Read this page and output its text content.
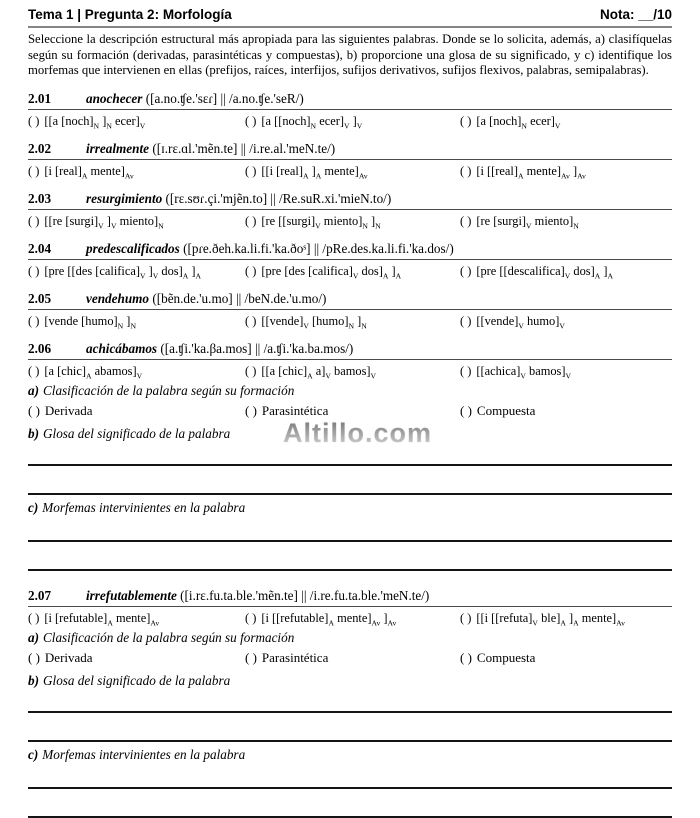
Tema 1 | Pregunta 2: Morfología	Nota: __/10

Seleccione la descripción estructural más apropiada para las siguientes palabras. Donde se lo solicita, además, a) clasifíquelas según su formación (derivadas, parasintéticas y compuestas), b) proporcione una glosa de su significado, y c) identifique los morfemas que intervienen en ellas (prefijos, raíces, interfijos, sufijos derivativos, sufijos flexivos, palabras, semipalabras).

2.01	anochecer ([a.no.ʧe.'sɛɾ] || /a.no.ʧe.'seR/)
( ) [[a $[noch]_N$ ]$_N$ $ecer]_V$	( ) [a [$[noch]_N$ $ecer]_V$ ]$_V$	( ) [a $[noch]_N$ $ecer]_V$
2.02	irrealmente ([ɪ.rɛ.ɑl.'mẽn.te] || /i.re.al.'meN.te/)
( ) [i $[real]_A$ $mente]_{Av}$	( ) [[i $[real]_A$ ]$_A$ $mente]_{Av}$	( ) [i [$[real]_A$ $mente]_{Av}$ ]$_{Av}$
2.03	resurgimiento ([rɛ.sʊɾ.çi.'mjẽn.to] || /Re.suR.xi.'mieN.to/)
( ) [[re $[surgi]_V$ ]$_V$ $miento]_N$	( ) [re [$[surgi]_V$ $miento]_N$ ]$_N$	( ) [re $[surgi]_V$ $miento]_N$
2.04	predescalificados ([pɾe.ðeh.ka.li.fi.'ka.ðoˢ] || /pRe.des.ka.li.fi.'ka.dos/)
( ) [pre [[des $[califica]_V$ ]$_V$ $dos]_A$ ]$_A$	( ) [pre [des $[califica]_V$ $dos]_A$ ]$_A$	( ) [pre [$[descalifica]_V$ $dos]_A$ ]$_A$
2.05	vendehumo ([bẽn.de.'u.mo] || /beN.de.'u.mo/)
( ) [vende $[humo]_N$ ]$_N$	( ) [$[vende]_V$ $[humo]_N$ ]$_N$	( ) [$[vende]_V$ $humo]_V$
2.06	achicábamos ([a.ʧi.'ka.βa.mos] || /a.ʧi.'ka.ba.mos/)
( ) [a $[chic]_A$ $abamos]_V$	( ) [[a $[chic]_A$ $a]_V$ $bamos]_V$	( ) [$[achica]_V$ $bamos]_V$
a) Clasificación de la palabra según su formación
( ) Derivada	( ) Parasintética	( ) Compuesta
b) Glosa del significado de la palabra
c) Morfemas intervinientes en la palabra
2.07	irrefutablemente ([i.rɛ.fu.ta.ble.'mẽn.te] || /i.re.fu.ta.ble.'meN.te/)
( ) [i $[refutable]_A$ $mente]_{Av}$	( ) [i [$[refutable]_A$ $mente]_{Av}$ ]$_{Av}$	( ) [[i [$[refuta]_V$ $ble]_A$ ]$_A$ $mente]_{Av}$
a) Clasificación de la palabra según su formación
( ) Derivada	( ) Parasintética	( ) Compuesta
b) Glosa del significado de la palabra
c) Morfemas intervinientes en la palabra
Altillo.com
